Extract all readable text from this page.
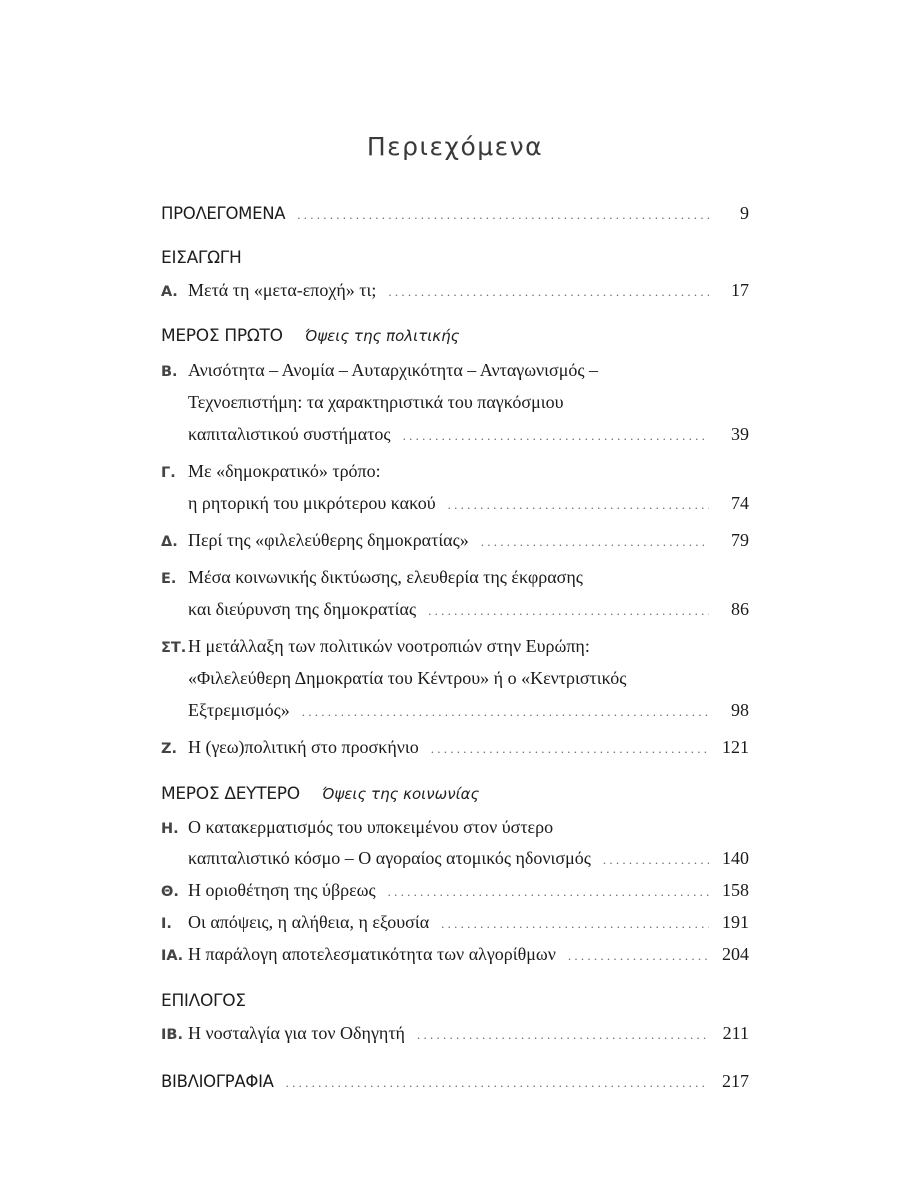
Περιεχόμενα
ΠΡΟΛΕΓΟΜΕΝΑ . . .	9
ΕΙΣΑΓΩΓΗ
Α. Μετά τη «μετα-εποχή» τι; . . .	17
ΜΕΡΟΣ ΠΡΩΤΟ Όψεις της πολιτικής
Β. Ανισότητα – Ανομία – Αυταρχικότητα – Ανταγωνισμός –
Τεχνοεπιστήμη: τα χαρακτηριστικά του παγκόσμιου
καπιταλιστικού συστήματος . . .	39
Γ. Με «δημοκρατικό» τρόπο:
η ρητορική του μικρότερου κακού . . .	74
Δ. Περί της «φιλελεύθερης δημοκρατίας» . . .	79
Ε. Μέσα κοινωνικής δικτύωσης, ελευθερία της έκφρασης
και διεύρυνση της δημοκρατίας . . .	86
ΣΤ. Η μετάλλαξη των πολιτικών νοοτροπιών στην Ευρώπη:
«Φιλελεύθερη Δημοκρατία του Κέντρου» ή ο «Κεντριστικός
Εξτρεμισμός» . . .	98
Ζ. Η (γεω)πολιτική στο προσκήνιο . . .	121
ΜΕΡΟΣ ΔΕΥΤΕΡΟ Όψεις της κοινωνίας
Η. Ο κατακερματισμός του υποκειμένου στον ύστερο
καπιταλιστικό κόσμο – Ο αγοραίος ατομικός ηδονισμός . . .	140
Θ. Η οριοθέτηση της ύβρεως . . .	158
Ι. Οι απόψεις, η αλήθεια, η εξουσία . . .	191
ΙΑ. Η παράλογη αποτελεσματικότητα των αλγορίθμων . . .	204
ΕΠΙΛΟΓΟΣ
ΙΒ. Η νοσταλγία για τον Οδηγητή . . .	211
ΒΙΒΛΙΟΓΡΑΦΙΑ . . .	217
